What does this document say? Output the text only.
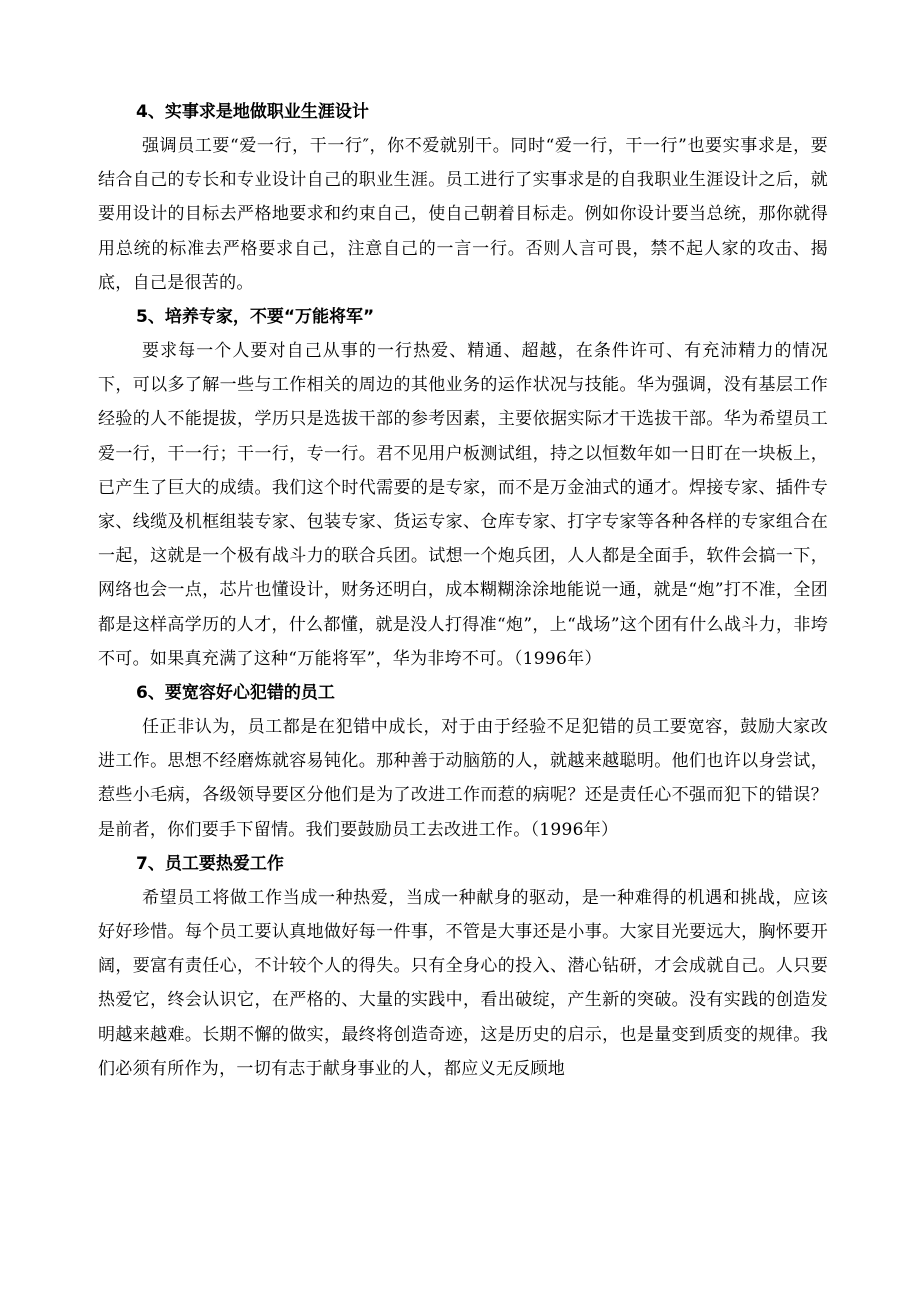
4、实事求是地做职业生涯设计

强调员工要“爱一行，干一行″，你不爱就别干。同时“爱一行，干一行”也要实事求是，要结合自己的专长和专业设计自己的职业生涯。员工进行了实事求是的自我职业生涯设计之后，就要用设计的目标去严格地要求和约束自己，使自己朝着目标走。例如你设计要当总统，那你就得用总统的标准去严格要求自己，注意自己的一言一行。否则人言可畏，禁不起人家的攻击、揭底，自己是很苦的。

5、培养专家，不要“万能将军”

要求每一个人要对自己从事的一行热爱、精通、超越，在条件许可、有充沛精力的情况下，可以多了解一些与工作相关的周边的其他业务的运作状况与技能。华为强调，没有基层工作经验的人不能提拔，学历只是选拔干部的参考因素，主要依据实际才干选拔干部。华为希望员工爱一行，干一行；干一行，专一行。君不见用户板测试组，持之以恒数年如一日盯在一块板上，已产生了巨大的成绩。我们这个时代需要的是专家，而不是万金油式的通才。焊接专家、插件专家、线缆及机框组装专家、包装专家、货运专家、仓库专家、打字专家等各种各样的专家组合在一起，这就是一个极有战斗力的联合兵团。试想一个炮兵团，人人都是全面手，软件会搞一下，网络也会一点，芯片也懂设计，财务还明白，成本糊糊涂涂地能说一通，就是“炮”打不准，全团都是这样高学历的人才，什么都懂，就是没人打得准“炮”，上“战场”这个团有什么战斗力，非垮不可。如果真充满了这种“万能将军”，华为非垮不可。（1996年）

6、要宽容好心犯错的员工

任正非认为，员工都是在犯错中成长，对于由于经验不足犯错的员工要宽容，鼓励大家改进工作。思想不经磨炼就容易钝化。那种善于动脑筋的人，就越来越聪明。他们也许以身尝试，惹些小毛病，各级领导要区分他们是为了改进工作而惹的病呢？还是责任心不强而犯下的错误？是前者，你们要手下留情。我们要鼓励员工去改进工作。（1996年）

7、员工要热爱工作

希望员工将做工作当成一种热爱，当成一种献身的驱动，是一种难得的机遇和挑战，应该好好珍惜。每个员工要认真地做好每一件事，不管是大事还是小事。大家目光要远大，胸怀要开阔，要富有责任心，不计较个人的得失。只有全身心的投入、潜心钻研，才会成就自己。人只要热爱它，终会认识它，在严格的、大量的实践中，看出破绽，产生新的突破。没有实践的创造发明越来越难。长期不懈的做实，最终将创造奇迹，这是历史的启示，也是量变到质变的规律。我们必须有所作为，一切有志于献身事业的人，都应义无反顾地
